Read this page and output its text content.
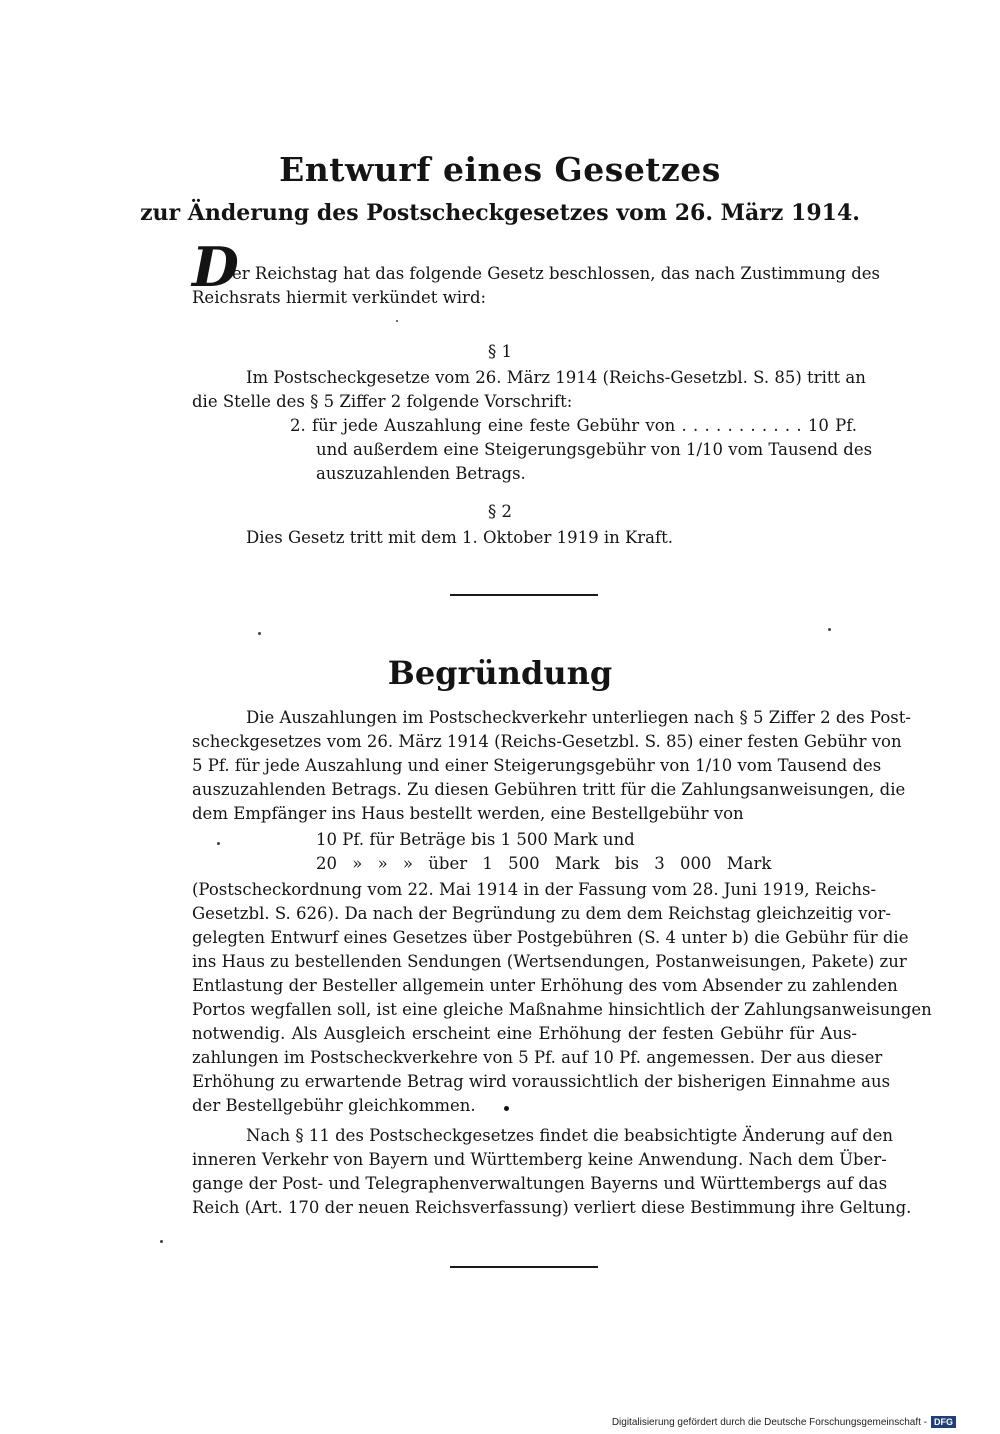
Entwurf eines Gesetzes
zur Änderung des Postscheckgesetzes vom 26. März 1914.
D
er Reichstag hat das folgende Gesetz beschlossen, das nach Zustimmung des
Reichsrats hiermit verkündet wird:
§ 1
Im Postscheckgesetze vom 26. März 1914 (Reichs-Gesetzbl. S. 85) tritt an
die Stelle des § 5 Ziffer 2 folgende Vorschrift:
2. für jede Auszahlung eine feste Gebühr von . . . . . . . . . . . 10 Pf.
und außerdem eine Steigerungsgebühr von 1/10 vom Tausend des
auszuzahlenden Betrags.
§ 2
Dies Gesetz tritt mit dem 1. Oktober 1919 in Kraft.
Begründung
Die Auszahlungen im Postscheckverkehr unterliegen nach § 5 Ziffer 2 des Post-
scheckgesetzes vom 26. März 1914 (Reichs-Gesetzbl. S. 85) einer festen Gebühr von
5 Pf. für jede Auszahlung und einer Steigerungsgebühr von 1/10 vom Tausend des
auszuzahlenden Betrags. Zu diesen Gebühren tritt für die Zahlungsanweisungen, die
dem Empfänger ins Haus bestellt werden, eine Bestellgebühr von
10 Pf. für Beträge bis 1 500 Mark und
20 » » » über 1 500 Mark bis 3 000 Mark
(Postscheckordnung vom 22. Mai 1914 in der Fassung vom 28. Juni 1919, Reichs-
Gesetzbl. S. 626). Da nach der Begründung zu dem dem Reichstag gleichzeitig vor-
gelegten Entwurf eines Gesetzes über Postgebühren (S. 4 unter b) die Gebühr für die
ins Haus zu bestellenden Sendungen (Wertsendungen, Postanweisungen, Pakete) zur
Entlastung der Besteller allgemein unter Erhöhung des vom Absender zu zahlenden
Portos wegfallen soll, ist eine gleiche Maßnahme hinsichtlich der Zahlungsanweisungen
notwendig. Als Ausgleich erscheint eine Erhöhung der festen Gebühr für Aus-
zahlungen im Postscheckverkehre von 5 Pf. auf 10 Pf. angemessen. Der aus dieser
Erhöhung zu erwartende Betrag wird voraussichtlich der bisherigen Einnahme aus
der Bestellgebühr gleichkommen.
Nach § 11 des Postscheckgesetzes findet die beabsichtigte Änderung auf den
inneren Verkehr von Bayern und Württemberg keine Anwendung. Nach dem Über-
gange der Post- und Telegraphenverwaltungen Bayerns und Württembergs auf das
Reich (Art. 170 der neuen Reichsverfassung) verliert diese Bestimmung ihre Geltung.
Digitalisierung gefördert durch die Deutsche Forschungsgemeinschaft - DFG
